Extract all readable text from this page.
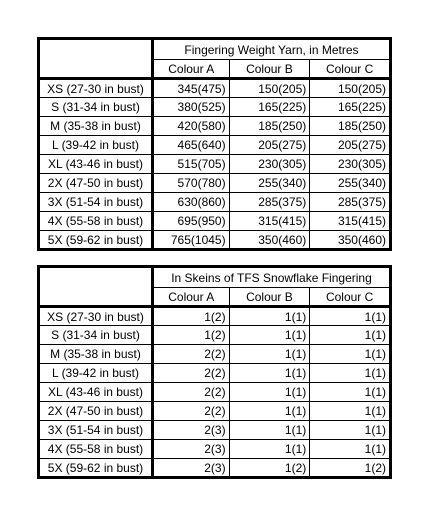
	Fingering Weight Yarn, in Metres		
	Colour A	Colour B	Colour C
XS (27-30 in bust)	345(475)	150(205)	150(205)
S (31-34 in bust)	380(525)	165(225)	165(225)
M (35-38 in bust)	420(580)	185(250)	185(250)
L (39-42 in bust)	465(640)	205(275)	205(275)
XL (43-46 in bust)	515(705)	230(305)	230(305)
2X (47-50 in bust)	570(780)	255(340)	255(340)
3X (51-54 in bust)	630(860)	285(375)	285(375)
4X (55-58 in bust)	695(950)	315(415)	315(415)
5X (59-62 in bust)	765(1045)	350(460)	350(460)
	In Skeins of TFS Snowflake Fingering		
	Colour A	Colour B	Colour C
XS (27-30 in bust)	1(2)	1(1)	1(1)
S (31-34 in bust)	1(2)	1(1)	1(1)
M (35-38 in bust)	2(2)	1(1)	1(1)
L (39-42 in bust)	2(2)	1(1)	1(1)
XL (43-46 in bust)	2(2)	1(1)	1(1)
2X (47-50 in bust)	2(2)	1(1)	1(1)
3X (51-54 in bust)	2(3)	1(1)	1(1)
4X (55-58 in bust)	2(3)	1(1)	1(1)
5X (59-62 in bust)	2(3)	1(2)	1(2)
